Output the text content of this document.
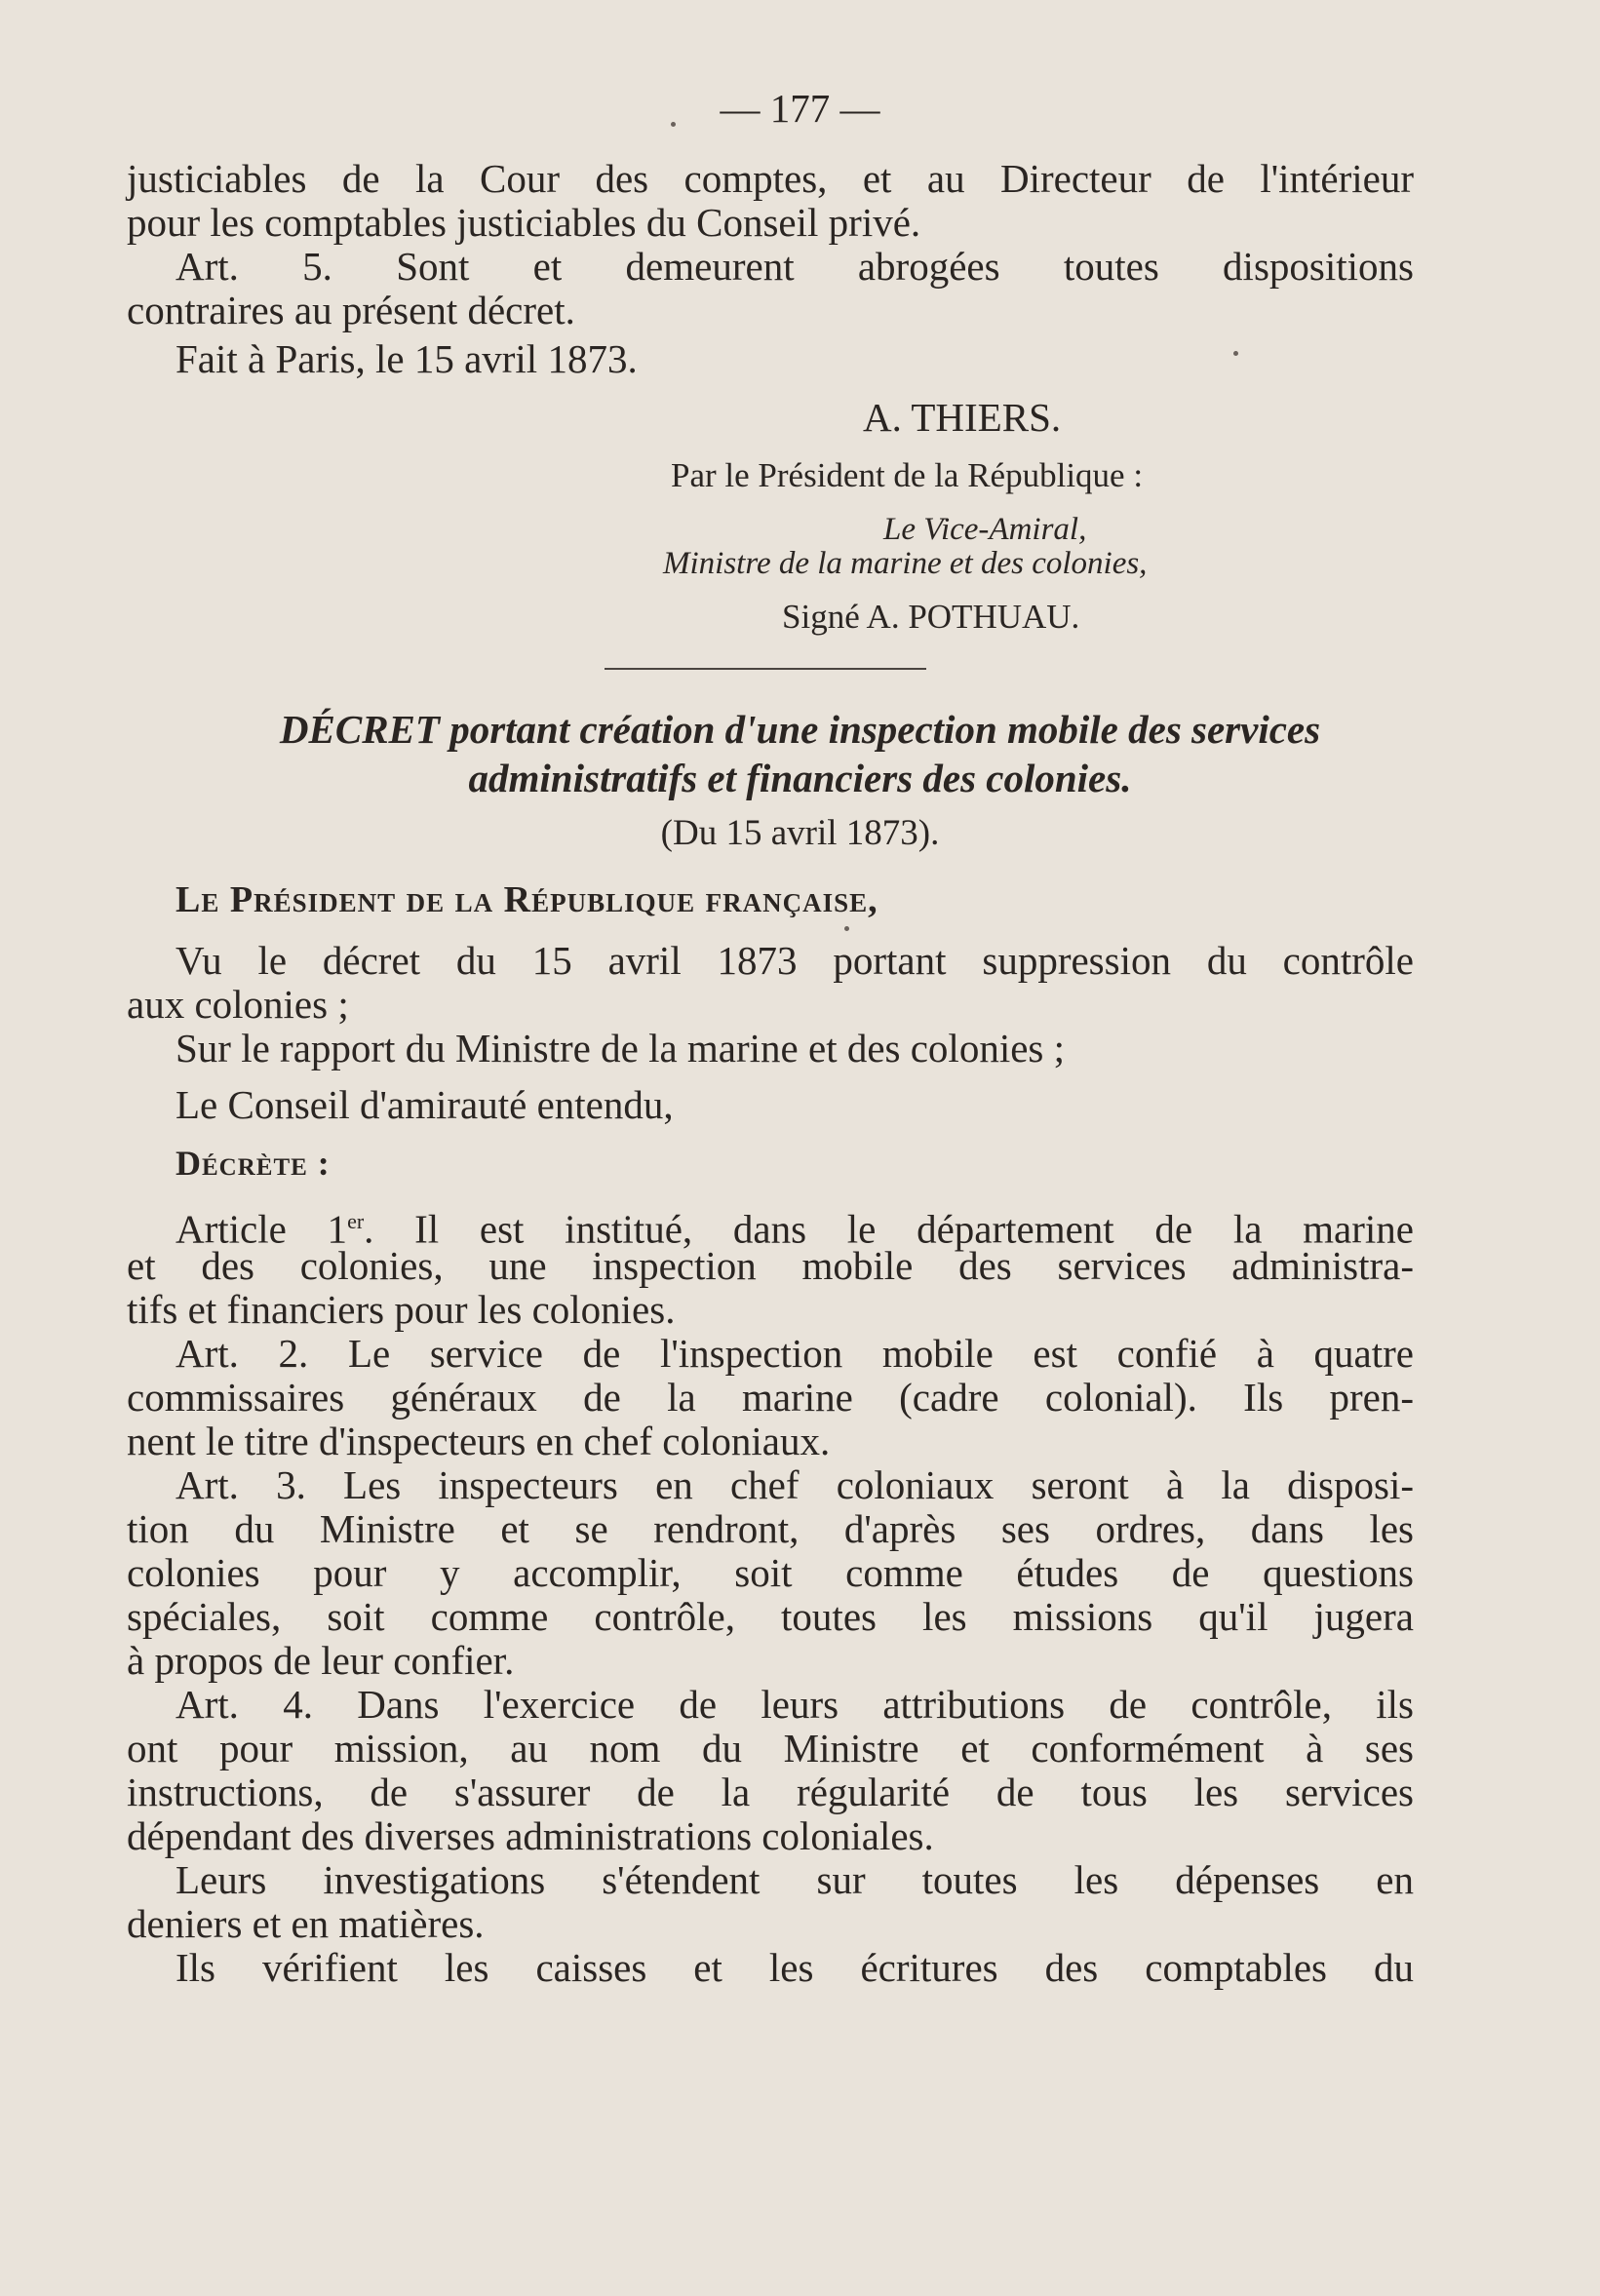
— 177 —
justiciables de la Cour des comptes, et au Directeur de l'intérieur
pour les comptables justiciables du Conseil privé.
Art. 5. Sont et demeurent abrogées toutes dispositions
contraires au présent décret.
Fait à Paris, le 15 avril 1873.
A. THIERS.
Par le Président de la République :
Le Vice-Amiral,
Ministre de la marine et des colonies,
Signé A. POTHUAU.
DÉCRET portant création d'une inspection mobile des services
administratifs et financiers des colonies.
(Du 15 avril 1873).
Le Président de la République française,
Vu le décret du 15 avril 1873 portant suppression du contrôle
aux colonies ;
Sur le rapport du Ministre de la marine et des colonies ;
Le Conseil d'amirauté entendu,
Décrète :
Article 1er. Il est institué, dans le département de la marine
et des colonies, une inspection mobile des services administra-
tifs et financiers pour les colonies.
Art. 2. Le service de l'inspection mobile est confié à quatre
commissaires généraux de la marine (cadre colonial). Ils pren-
nent le titre d'inspecteurs en chef coloniaux.
Art. 3. Les inspecteurs en chef coloniaux seront à la disposi-
tion du Ministre et se rendront, d'après ses ordres, dans les
colonies pour y accomplir, soit comme études de questions
spéciales, soit comme contrôle, toutes les missions qu'il jugera
à propos de leur confier.
Art. 4. Dans l'exercice de leurs attributions de contrôle, ils
ont pour mission, au nom du Ministre et conformément à ses
instructions, de s'assurer de la régularité de tous les services
dépendant des diverses administrations coloniales.
Leurs investigations s'étendent sur toutes les dépenses en
deniers et en matières.
Ils vérifient les caisses et les écritures des comptables du
